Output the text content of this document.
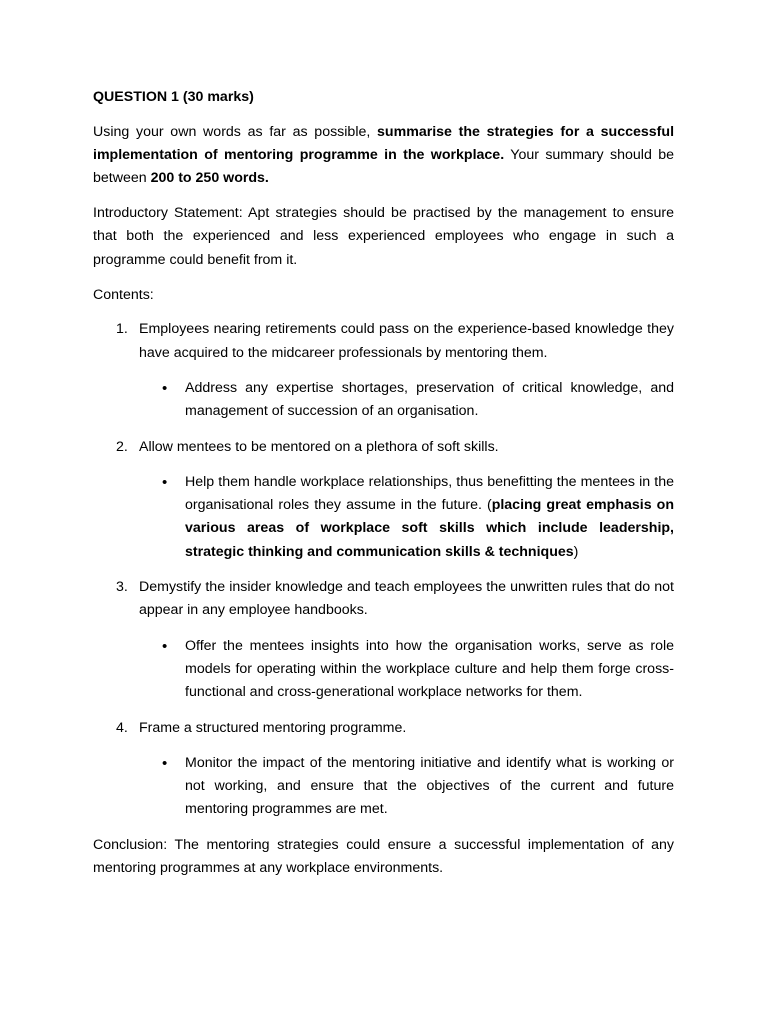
QUESTION 1 (30 marks)

Using your own words as far as possible, summarise the strategies for a successful implementation of mentoring programme in the workplace. Your summary should be between 200 to 250 words.

Introductory Statement: Apt strategies should be practised by the management to ensure that both the experienced and less experienced employees who engage in such a programme could benefit from it.

Contents:

1. Employees nearing retirements could pass on the experience-based knowledge they have acquired to the midcareer professionals by mentoring them.

• Address any expertise shortages, preservation of critical knowledge, and management of succession of an organisation.

2. Allow mentees to be mentored on a plethora of soft skills.

• Help them handle workplace relationships, thus benefitting the mentees in the organisational roles they assume in the future. (placing great emphasis on various areas of workplace soft skills which include leadership, strategic thinking and communication skills & techniques)

3. Demystify the insider knowledge and teach employees the unwritten rules that do not appear in any employee handbooks.

• Offer the mentees insights into how the organisation works, serve as role models for operating within the workplace culture and help them forge cross-functional and cross-generational workplace networks for them.

4. Frame a structured mentoring programme.

• Monitor the impact of the mentoring initiative and identify what is working or not working, and ensure that the objectives of the current and future mentoring programmes are met.

Conclusion: The mentoring strategies could ensure a successful implementation of any mentoring programmes at any workplace environments.
